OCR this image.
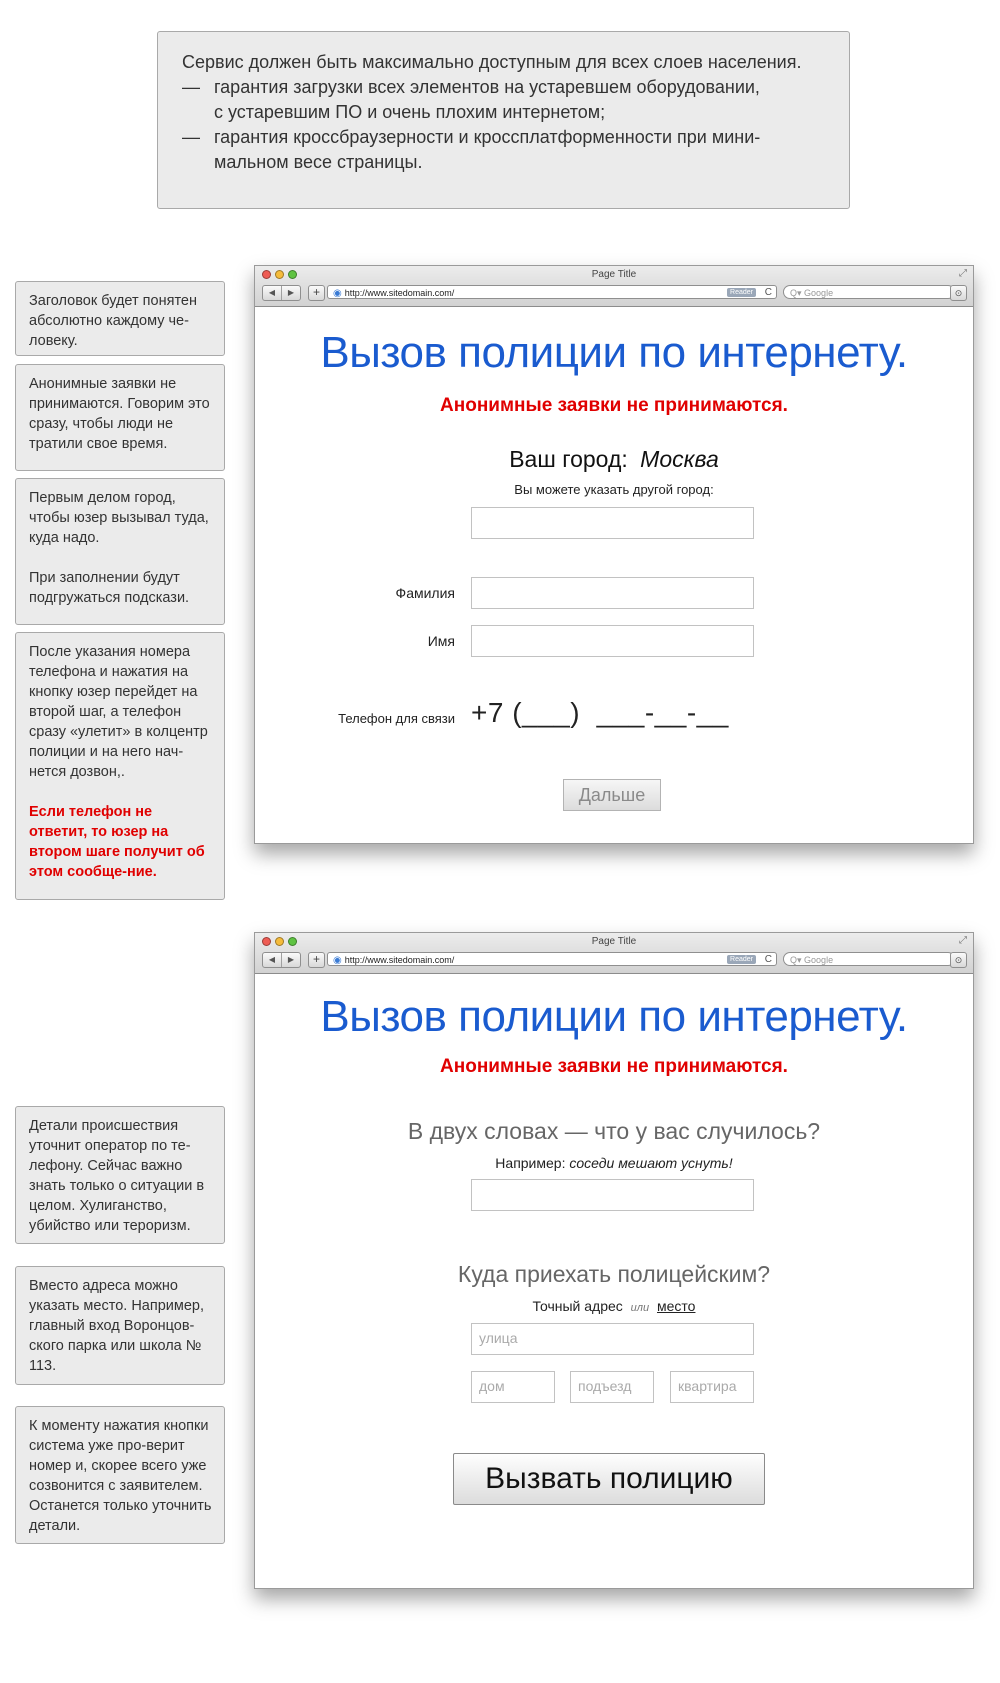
Сервис должен быть максимально доступным для всех слоев населения.
— гарантия загрузки всех элементов на устаревшем оборудовании,
с устаревшим ПО и очень плохим интернетом;
— гарантия кроссбраузерности и кроссплатформенности при мини-
мальном весе страницы.

Заголовок будет понятен абсолютно каждому че-ловеку.

Анонимные заявки не принимаются. Говорим это сразу, чтобы люди не тратили свое время.

Первым делом город, чтобы юзер вызывал туда, куда надо.

При заполнении будут подгружаться подскази.

После указания номера телефона и нажатия на кнопку юзер перейдет на второй шаг, а телефон сразу «улетит» в колцентр полиции и на него нач-нется дозвон,.

Если телефон не ответит, то юзер на втором шаге получит об этом сообще-ние.

Page Title	⤢
◀	▶	+	◉ http://www.sitedomain.com/	Reader	C	Q▾ Google	⊙
Вызов полиции по интернету.
Анонимные заявки не принимаются.
Ваш город: Москва
Вы можете указать другой город:
Фамилия
Имя
Телефон для связи +7 (___)  ___-__-__
Дальше

Детали происшествия уточнит оператор по те-лефону. Сейчас важно знать только о ситуации в целом. Хулиганство, убийство или тероризм.

Вместо адреса можно указать место. Например, главный вход Воронцов-ского парка или школа № 113.

К моменту нажатия кнопки система уже про-верит номер и, скорее всего уже созвонится с заявителем. Останется только уточнить детали.

Page Title	⤢
◀	▶	+	◉ http://www.sitedomain.com/	Reader	C	Q▾ Google	⊙
Вызов полиции по интернету.
Анонимные заявки не принимаются.
В двух словах — что у вас случилось?
Например: соседи мешают уснуть!
Куда приехать полицейским?
Точный адрес или место
улица
дом	подъезд	квартира
Вызвать полицию
